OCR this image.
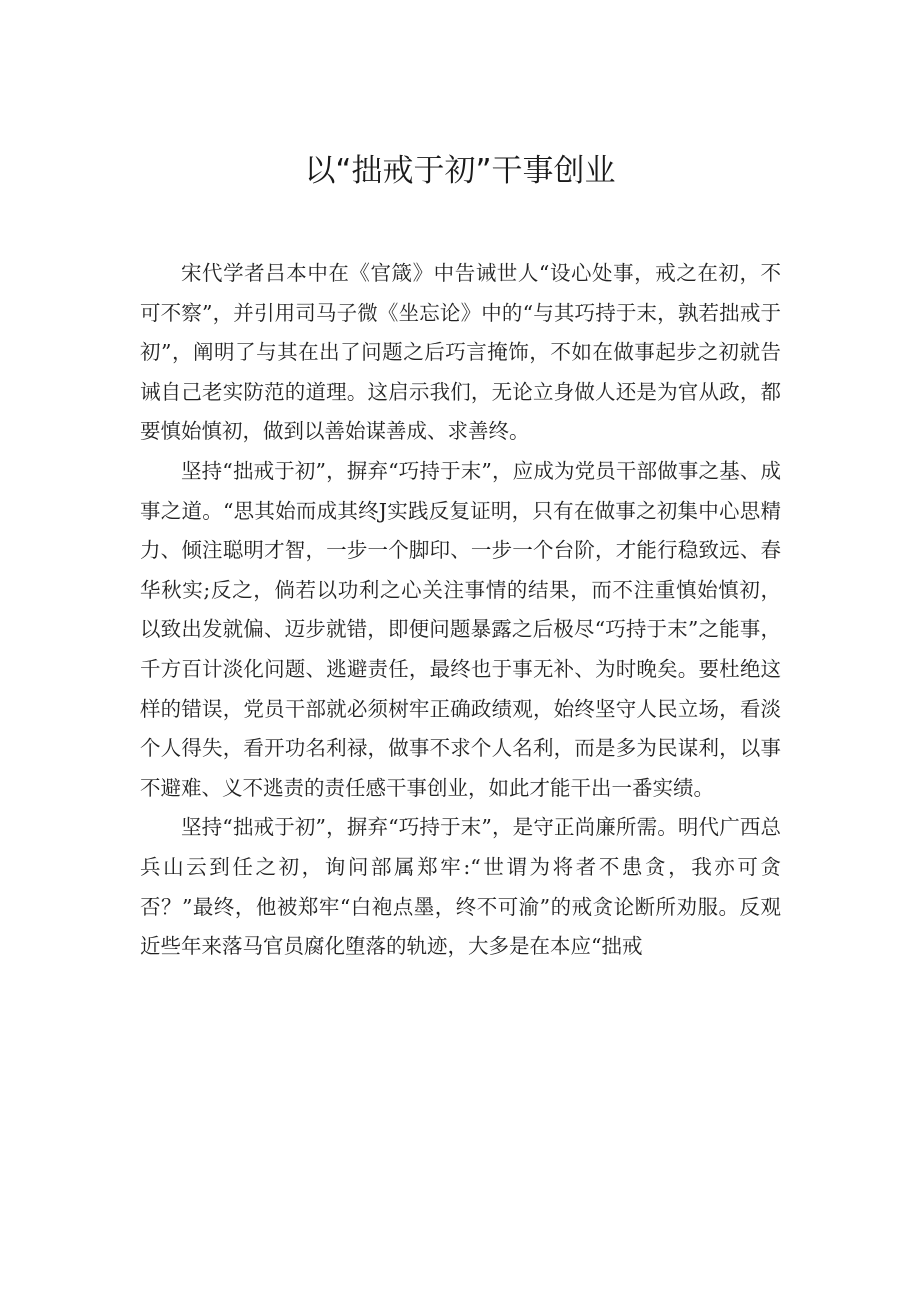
以“拙戒于初”干事创业

宋代学者吕本中在《官箴》中告诫世人“设心处事，戒之在初，不可不察”，并引用司马子微《坐忘论》中的“与其巧持于末，孰若拙戒于初”，阐明了与其在出了问题之后巧言掩饰，不如在做事起步之初就告诫自己老实防范的道理。这启示我们，无论立身做人还是为官从政，都要慎始慎初，做到以善始谋善成、求善终。

坚持“拙戒于初”，摒弃“巧持于末”，应成为党员干部做事之基、成事之道。“思其始而成其终J实践反复证明，只有在做事之初集中心思精力、倾注聪明才智，一步一个脚印、一步一个台阶，才能行稳致远、春华秋实;反之，倘若以功利之心关注事情的结果，而不注重慎始慎初，以致出发就偏、迈步就错，即便问题暴露之后极尽“巧持于末”之能事，千方百计淡化问题、逃避责任，最终也于事无补、为时晚矣。要杜绝这样的错误，党员干部就必须树牢正确政绩观，始终坚守人民立场，看淡个人得失，看开功名利禄，做事不求个人名利，而是多为民谋利，以事不避难、义不逃责的责任感干事创业，如此才能干出一番实绩。

坚持“拙戒于初”，摒弃“巧持于末”，是守正尚廉所需。明代广西总兵山云到任之初，询问部属郑牢:“世谓为将者不患贪，我亦可贪否？”最终，他被郑牢“白袍点墨，终不可渝”的戒贪论断所劝服。反观近些年来落马官员腐化堕落的轨迹，大多是在本应“拙戒
